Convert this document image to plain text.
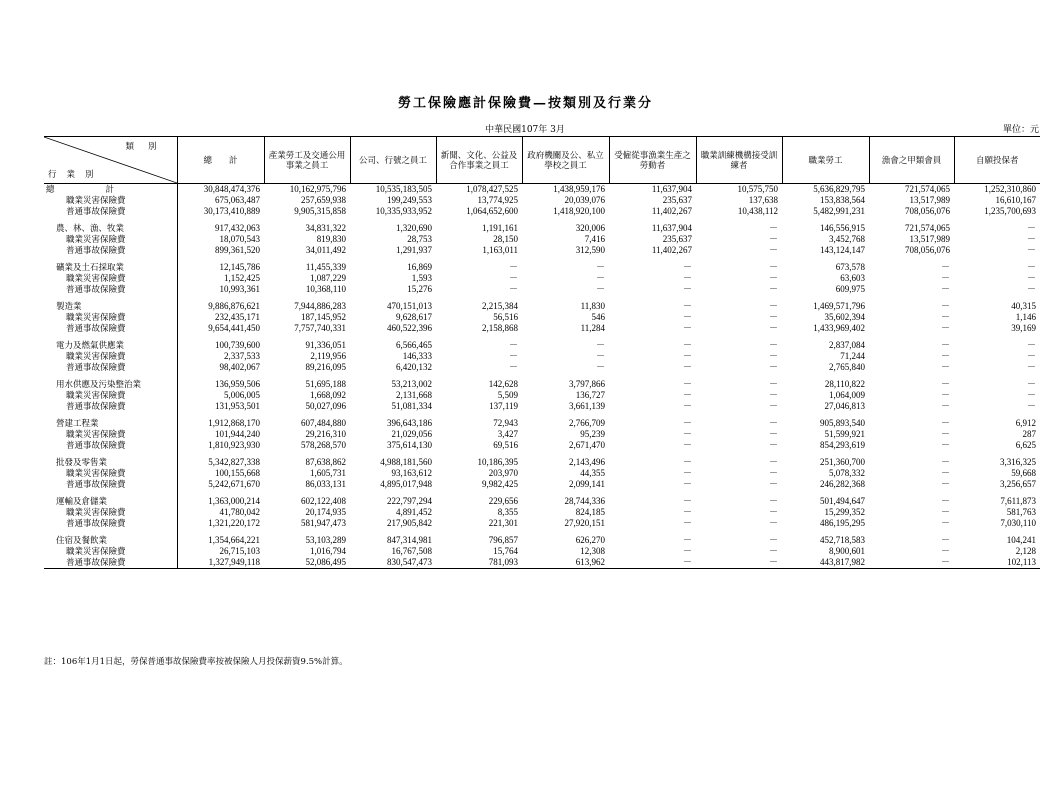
勞工保險應計保險費—按類別及行業分
中華民國107年 3月	單位：元
類別
行業別	總　　計	產業勞工及交通公用事業之員工	公司、行號之員工	新聞、文化、公益及合作事業之員工	政府機關及公、私立學校之員工	受僱從事漁業生產之勞動者	職業訓練機構接受訓練者	職業勞工	漁會之甲類會員	自願投保者
總　　　　　　計	30,848,474,376	10,162,975,796	10,535,183,505	1,078,427,525	1,438,959,176	11,637,904	10,575,750	5,636,829,795	721,574,065	1,252,310,860
職業災害保險費	675,063,487	257,659,938	199,249,553	13,774,925	20,039,076	235,637	137,638	153,838,564	13,517,989	16,610,167
普通事故保險費	30,173,410,889	9,905,315,858	10,335,933,952	1,064,652,600	1,418,920,100	11,402,267	10,438,112	5,482,991,231	708,056,076	1,235,700,693
農、林、漁、牧業	917,432,063	34,831,322	1,320,690	1,191,161	320,006	11,637,904	－	146,556,915	721,574,065	－
職業災害保險費	18,070,543	819,830	28,753	28,150	7,416	235,637	－	3,452,768	13,517,989	－
普通事故保險費	899,361,520	34,011,492	1,291,937	1,163,011	312,590	11,402,267	－	143,124,147	708,056,076	－
礦業及土石採取業	12,145,786	11,455,339	16,869	－	－	－	－	673,578	－	－
職業災害保險費	1,152,425	1,087,229	1,593	－	－	－	－	63,603	－	－
普通事故保險費	10,993,361	10,368,110	15,276	－	－	－	－	609,975	－	－
製造業	9,886,876,621	7,944,886,283	470,151,013	2,215,384	11,830	－	－	1,469,571,796	－	40,315
職業災害保險費	232,435,171	187,145,952	9,628,617	56,516	546	－	－	35,602,394	－	1,146
普通事故保險費	9,654,441,450	7,757,740,331	460,522,396	2,158,868	11,284	－	－	1,433,969,402	－	39,169
電力及燃氣供應業	100,739,600	91,336,051	6,566,465	－	－	－	－	2,837,084	－	－
職業災害保險費	2,337,533	2,119,956	146,333	－	－	－	－	71,244	－	－
普通事故保險費	98,402,067	89,216,095	6,420,132	－	－	－	－	2,765,840	－	－
用水供應及污染整治業	136,959,506	51,695,188	53,213,002	142,628	3,797,866	－	－	28,110,822	－	－
職業災害保險費	5,006,005	1,668,092	2,131,668	5,509	136,727	－	－	1,064,009	－	－
普通事故保險費	131,953,501	50,027,096	51,081,334	137,119	3,661,139	－	－	27,046,813	－	－
營建工程業	1,912,868,170	607,484,880	396,643,186	72,943	2,766,709	－	－	905,893,540	－	6,912
職業災害保險費	101,944,240	29,216,310	21,029,056	3,427	95,239	－	－	51,599,921	－	287
普通事故保險費	1,810,923,930	578,268,570	375,614,130	69,516	2,671,470	－	－	854,293,619	－	6,625
批發及零售業	5,342,827,338	87,638,862	4,988,181,560	10,186,395	2,143,496	－	－	251,360,700	－	3,316,325
職業災害保險費	100,155,668	1,605,731	93,163,612	203,970	44,355	－	－	5,078,332	－	59,668
普通事故保險費	5,242,671,670	86,033,131	4,895,017,948	9,982,425	2,099,141	－	－	246,282,368	－	3,256,657
運輸及倉儲業	1,363,000,214	602,122,408	222,797,294	229,656	28,744,336	－	－	501,494,647	－	7,611,873
職業災害保險費	41,780,042	20,174,935	4,891,452	8,355	824,185	－	－	15,299,352	－	581,763
普通事故保險費	1,321,220,172	581,947,473	217,905,842	221,301	27,920,151	－	－	486,195,295	－	7,030,110
住宿及餐飲業	1,354,664,221	53,103,289	847,314,981	796,857	626,270	－	－	452,718,583	－	104,241
職業災害保險費	26,715,103	1,016,794	16,767,508	15,764	12,308	－	－	8,900,601	－	2,128
普通事故保險費	1,327,949,118	52,086,495	830,547,473	781,093	613,962	－	－	443,817,982	－	102,113
註：106年1月1日起，勞保普通事故保險費率按被保險人月投保薪資9.5%計算。
